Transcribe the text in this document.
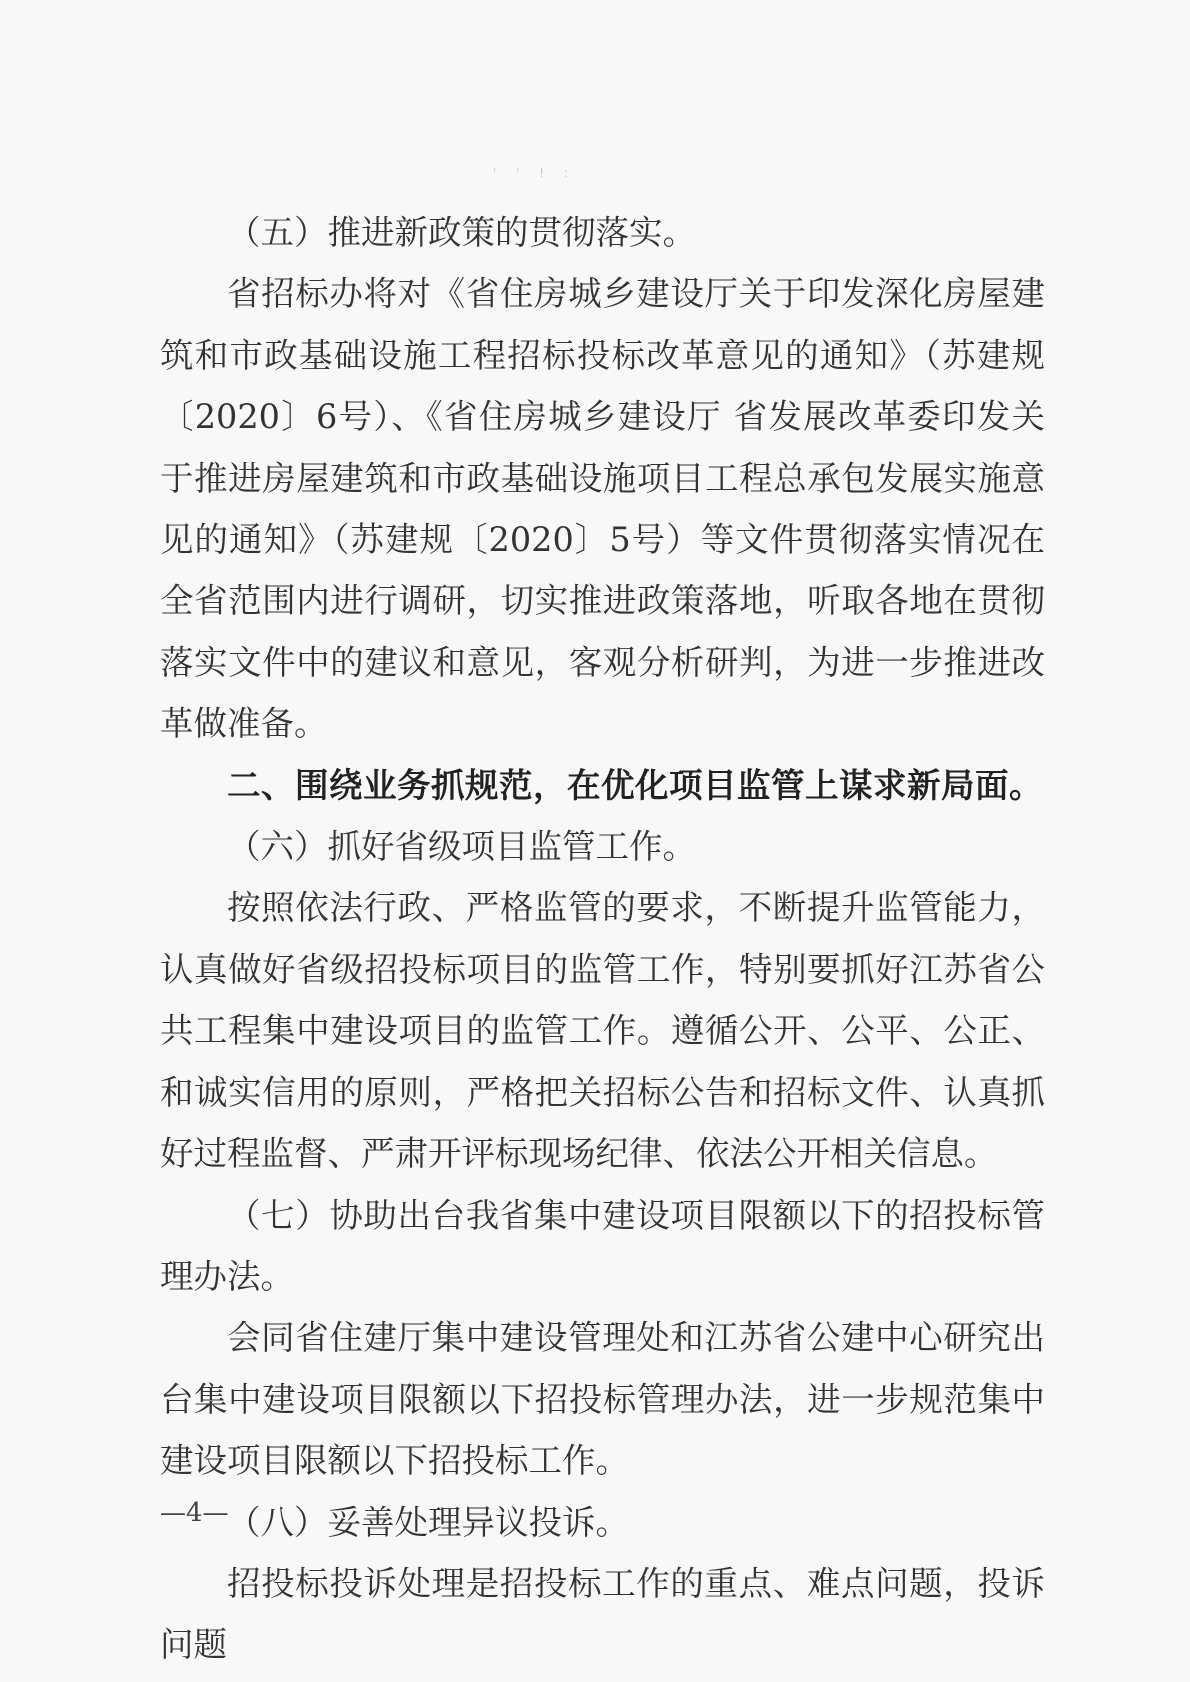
' ' ! :

（五）推进新政策的贯彻落实。

省招标办将对《省住房城乡建设厅关于印发深化房屋建筑和市政基础设施工程招标投标改革意见的通知》（苏建规〔2020〕6号）、《省住房城乡建设厅 省发展改革委印发关于推进房屋建筑和市政基础设施项目工程总承包发展实施意见的通知》（苏建规〔2020〕5号）等文件贯彻落实情况在全省范围内进行调研，切实推进政策落地，听取各地在贯彻落实文件中的建议和意见，客观分析研判，为进一步推进改革做准备。

二、围绕业务抓规范，在优化项目监管上谋求新局面。

（六）抓好省级项目监管工作。

按照依法行政、严格监管的要求，不断提升监管能力，认真做好省级招投标项目的监管工作，特别要抓好江苏省公共工程集中建设项目的监管工作。遵循公开、公平、公正、和诚实信用的原则，严格把关招标公告和招标文件、认真抓好过程监督、严肃开评标现场纪律、依法公开相关信息。

（七）协助出台我省集中建设项目限额以下的招投标管理办法。

会同省住建厅集中建设管理处和江苏省公建中心研究出台集中建设项目限额以下招投标管理办法，进一步规范集中建设项目限额以下招投标工作。

（八）妥善处理异议投诉。

招投标投诉处理是招投标工作的重点、难点问题，投诉问题

—4—
